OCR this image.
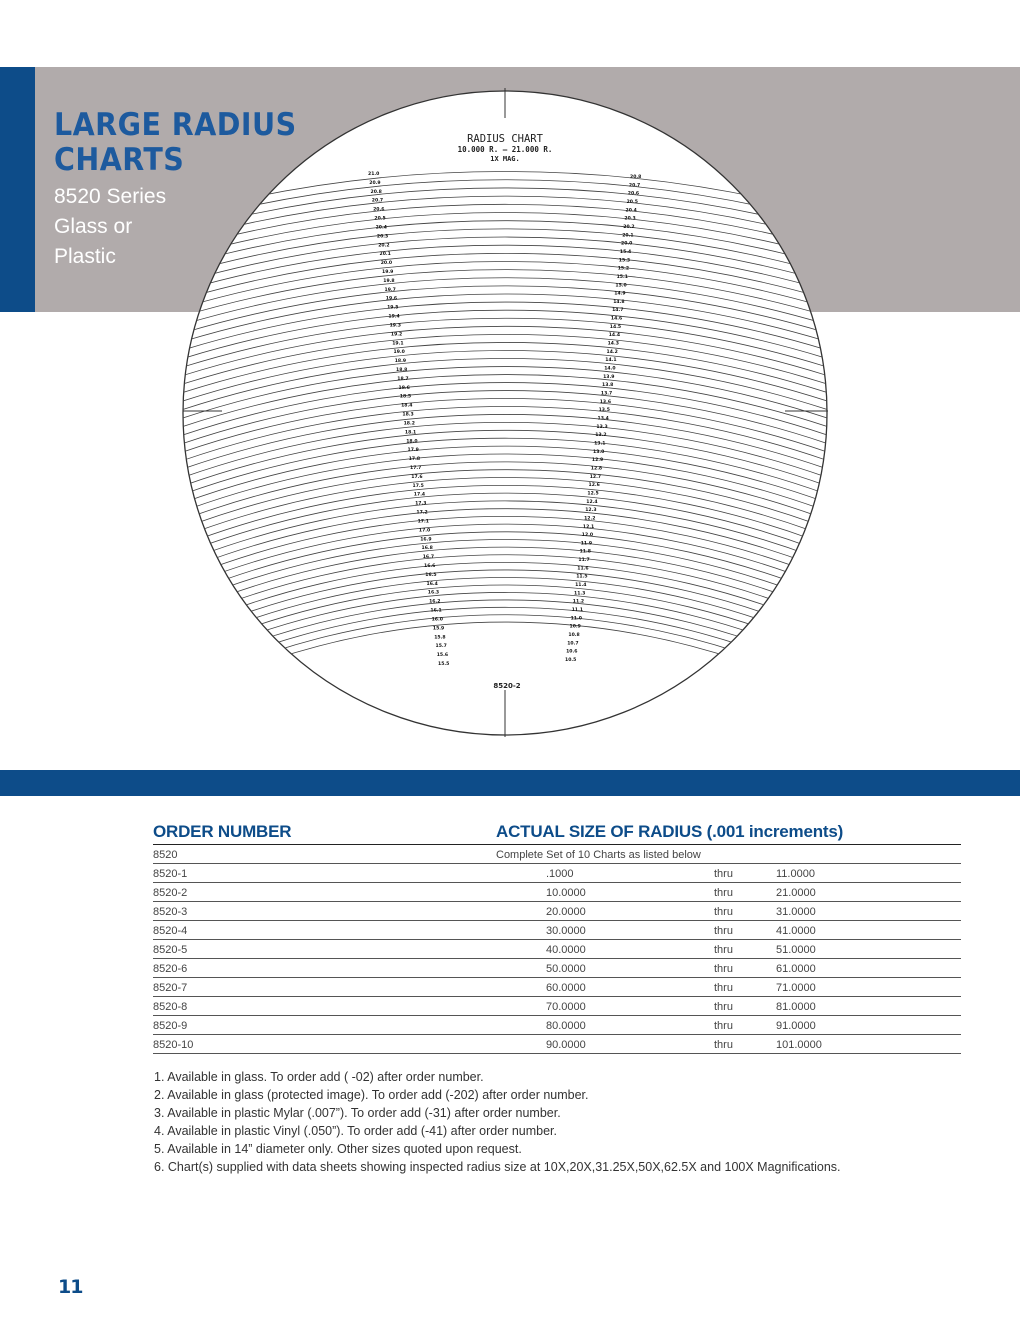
21.0
20.9
20.8
20.7
20.6
20.5
20.4
20.3
20.2
20.1
20.0
19.9
19.8
19.7
19.6
19.5
19.4
19.3
19.2
19.1
19.0
18.9
18.8
18.7
18.6
18.5
18.4
18.3
18.2
18.1
18.0
17.9
17.8
17.7
17.6
17.5
17.4
17.3
17.2
17.1
17.0
16.9
16.8
16.7
16.6
16.5
16.4
16.3
16.2
16.1
16.0
15.9
15.8
15.7
15.6
15.5
20.8
20.7
20.6
20.5
20.4
20.3
20.2
20.1
20.0
15.4
15.3
15.2
15.1
15.0
14.9
14.8
14.7
14.6
14.5
14.4
14.3
14.2
14.1
14.0
13.9
13.8
13.7
13.6
13.5
13.4
13.3
13.2
13.1
13.0
12.9
12.8
12.7
12.6
12.5
12.4
12.3
12.2
12.1
12.0
11.9
11.8
11.7
11.6
11.5
11.4
11.3
11.2
11.1
11.0
10.9
10.8
10.7
10.6
10.5
RADIUS CHART
10.000 R. – 21.000 R.
1X MAG.
8520-2
LARGE RADIUS
CHARTS

8520 Series
Glass or
Plastic

ORDER NUMBER	ACTUAL SIZE OF RADIUS (.001 increments)		
8520	Complete Set of 10 Charts as listed below		
8520-1	.1000	thru	11.0000
8520-2	10.0000	thru	21.0000
8520-3	20.0000	thru	31.0000
8520-4	30.0000	thru	41.0000
8520-5	40.0000	thru	51.0000
8520-6	50.0000	thru	61.0000
8520-7	60.0000	thru	71.0000
8520-8	70.0000	thru	81.0000
8520-9	80.0000	thru	91.0000
8520-10	90.0000	thru	101.0000
1. Available in glass. To order add ( -02) after order number.
2. Available in glass (protected image). To order add (-202) after order number.
3. Available in plastic Mylar (.007”). To order add (-31) after order number.
4. Available in plastic Vinyl (.050”). To order add (-41) after order number.
5. Available in 14” diameter only. Other sizes quoted upon request.
6. Chart(s) supplied with data sheets showing inspected radius size at 10X,20X,31.25X,50X,62.5X and 100X Magnifications.
11
